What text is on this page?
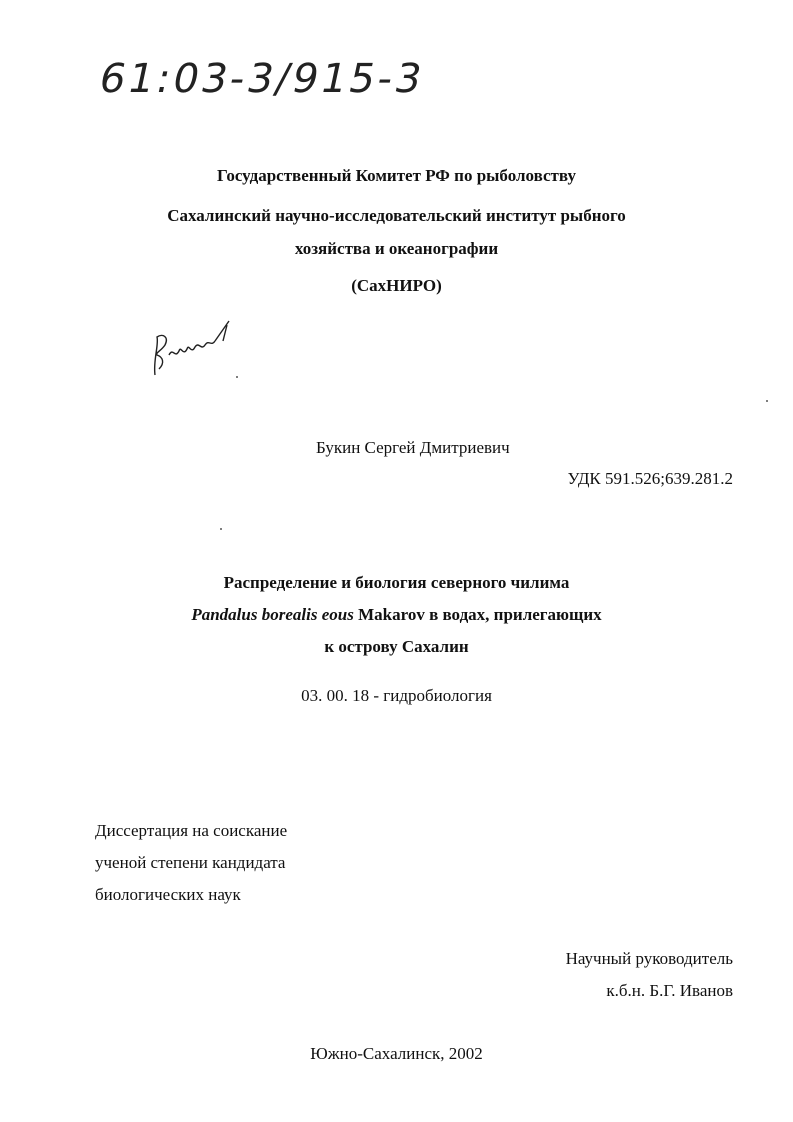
61:03-3/915-3
Государственный Комитет РФ по рыболовству
Сахалинский научно-исследовательский институт рыбного
хозяйства и океанографии
(СахНИРО)
Букин Сергей Дмитриевич
УДК 591.526;639.281.2
Распределение и биология северного чилима
Pandalus borealis eous Makarov в водах, прилегающих
к острову Сахалин
03. 00. 18 - гидробиология
Диссертация на соискание
ученой степени кандидата
биологических наук
Научный руководитель
к.б.н. Б.Г. Иванов
Южно-Сахалинск, 2002
